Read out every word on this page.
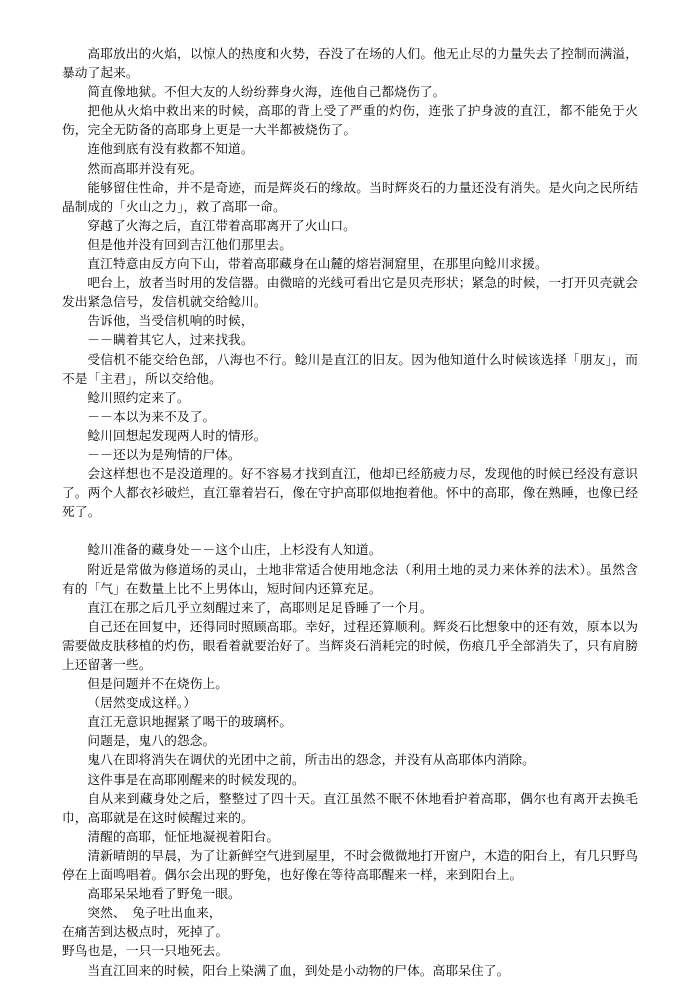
高耶放出的火焰，以惊人的热度和火势，吞没了在场的人们。他无止尽的力量失去了控制而满溢，暴动了起来。

简直像地狱。不但大友的人纷纷葬身火海，连他自己都烧伤了。

把他从火焰中救出来的时候，高耶的背上受了严重的灼伤，连张了护身波的直江，都不能免于火伤，完全无防备的高耶身上更是一大半都被烧伤了。

连他到底有没有救都不知道。

然而高耶并没有死。

能够留住性命，并不是奇迹，而是辉炎石的缘故。当时辉炎石的力量还没有消失。是火向之民所结晶制成的「火山之力」，救了高耶一命。

穿越了火海之后，直江带着高耶离开了火山口。

但是他并没有回到吉江他们那里去。

直江特意由反方向下山，带着高耶藏身在山麓的熔岩洞窟里，在那里向鲶川求援。

吧台上，放者当时用的发信器。由微暗的光线可看出它是贝壳形状；紧急的时候，一打开贝壳就会发出紧急信号，发信机就交给鲶川。

告诉他，当受信机响的时候，

－－瞒着其它人，过来找我。

受信机不能交给色部，八海也不行。鲶川是直江的旧友。因为他知道什么时候该选择「朋友」，而不是「主君」，所以交给他。

鲶川照约定来了。

－－本以为来不及了。

鲶川回想起发现两人时的情形。

－－还以为是殉情的尸体。

会这样想也不是没道理的。好不容易才找到直江，他却已经筋疲力尽，发现他的时候已经没有意识了。两个人都衣衫破烂，直江靠着岩石，像在守护高耶似地抱着他。怀中的高耶，像在熟睡，也像已经死了。

鲶川准备的藏身处－－这个山庄，上杉没有人知道。

附近是常做为修道场的灵山，土地非常适合使用地念法（利用土地的灵力来休养的法术）。虽然含有的「气」在数量上比不上男体山，短时间内还算充足。

直江在那之后几乎立刻醒过来了，高耶则足足昏睡了一个月。

自己还在回复中，还得同时照顾高耶。幸好，过程还算顺利。辉炎石比想象中的还有效，原本以为需要做皮肤移植的灼伤，眼看着就要治好了。当辉炎石消耗完的时候，伤痕几乎全部消失了，只有肩膀上还留著一些。

但是问题并不在烧伤上。

（居然变成这样。）

直江无意识地握紧了喝干的玻璃杯。

问题是，鬼八的怨念。

鬼八在即将消失在调伏的光团中之前，所击出的怨念，并没有从高耶体内消除。

这件事是在高耶刚醒来的时候发现的。

自从来到藏身处之后，整整过了四十天。直江虽然不眠不休地看护着高耶，偶尔也有离开去换毛巾，高耶就是在这时候醒过来的。

清醒的高耶，怔怔地凝视着阳台。

清新晴朗的早晨，为了让新鲜空气进到屋里，不时会微微地打开窗户，木造的阳台上，有几只野鸟停在上面鸣唱着。偶尔会出现的野兔，也好像在等待高耶醒来一样，来到阳台上。

高耶呆呆地看了野兔一眼。

突然、　兔子吐出血来，

在痛苦到达极点时，死掉了。

野鸟也是，一只一只地死去。

当直江回来的时候，阳台上染满了血，到处是小动物的尸体。高耶呆住了。
